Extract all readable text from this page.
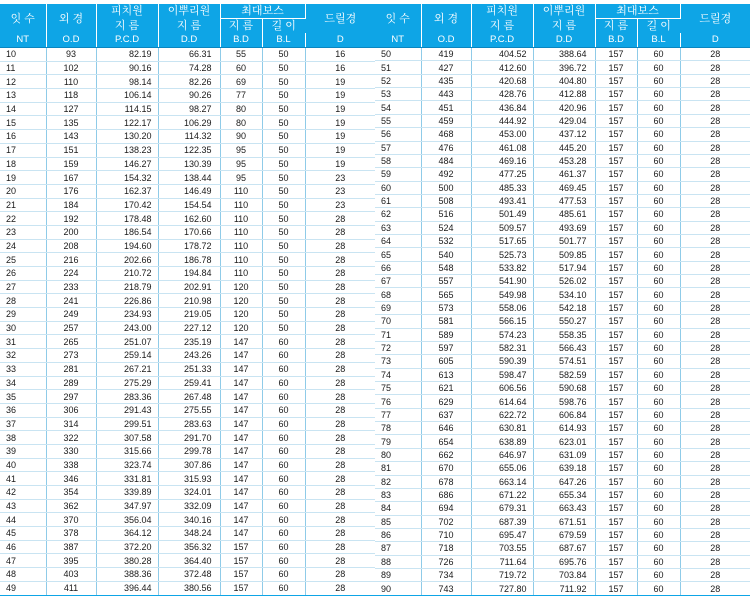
잇 수	외 경	피치원	이뿌리원	최대보스		드릴경
		지 름	지 름	지 름	길 이	
NT	O.D	P.C.D	D.D	B.D	B.L	D
10	93	82.19	66.31	55	50	16
11	102	90.16	74.28	60	50	16
12	110	98.14	82.26	69	50	19
13	118	106.14	90.26	77	50	19
14	127	114.15	98.27	80	50	19
15	135	122.17	106.29	80	50	19
16	143	130.20	114.32	90	50	19
17	151	138.23	122.35	95	50	19
18	159	146.27	130.39	95	50	19
19	167	154.32	138.44	95	50	23
20	176	162.37	146.49	110	50	23
21	184	170.42	154.54	110	50	23
22	192	178.48	162.60	110	50	28
23	200	186.54	170.66	110	50	28
24	208	194.60	178.72	110	50	28
25	216	202.66	186.78	110	50	28
26	224	210.72	194.84	110	50	28
27	233	218.79	202.91	120	50	28
28	241	226.86	210.98	120	50	28
29	249	234.93	219.05	120	50	28
30	257	243.00	227.12	120	50	28
31	265	251.07	235.19	147	60	28
32	273	259.14	243.26	147	60	28
33	281	267.21	251.33	147	60	28
34	289	275.29	259.41	147	60	28
35	297	283.36	267.48	147	60	28
36	306	291.43	275.55	147	60	28
37	314	299.51	283.63	147	60	28
38	322	307.58	291.70	147	60	28
39	330	315.66	299.78	147	60	28
40	338	323.74	307.86	147	60	28
41	346	331.81	315.93	147	60	28
42	354	339.89	324.01	147	60	28
43	362	347.97	332.09	147	60	28
44	370	356.04	340.16	147	60	28
45	378	364.12	348.24	147	60	28
46	387	372.20	356.32	157	60	28
47	395	380.28	364.40	157	60	28
48	403	388.36	372.48	157	60	28
49	411	396.44	380.56	157	60	28
잇 수	외 경	피치원	이뿌리원	최대보스		드릴경
		지 름	지 름	지 름	길 이	
NT	O.D	P.C.D	D.D	B.D	B.L	D
50	419	404.52	388.64	157	60	28
51	427	412.60	396.72	157	60	28
52	435	420.68	404.80	157	60	28
53	443	428.76	412.88	157	60	28
54	451	436.84	420.96	157	60	28
55	459	444.92	429.04	157	60	28
56	468	453.00	437.12	157	60	28
57	476	461.08	445.20	157	60	28
58	484	469.16	453.28	157	60	28
59	492	477.25	461.37	157	60	28
60	500	485.33	469.45	157	60	28
61	508	493.41	477.53	157	60	28
62	516	501.49	485.61	157	60	28
63	524	509.57	493.69	157	60	28
64	532	517.65	501.77	157	60	28
65	540	525.73	509.85	157	60	28
66	548	533.82	517.94	157	60	28
67	557	541.90	526.02	157	60	28
68	565	549.98	534.10	157	60	28
69	573	558.06	542.18	157	60	28
70	581	566.15	550.27	157	60	28
71	589	574.23	558.35	157	60	28
72	597	582.31	566.43	157	60	28
73	605	590.39	574.51	157	60	28
74	613	598.47	582.59	157	60	28
75	621	606.56	590.68	157	60	28
76	629	614.64	598.76	157	60	28
77	637	622.72	606.84	157	60	28
78	646	630.81	614.93	157	60	28
79	654	638.89	623.01	157	60	28
80	662	646.97	631.09	157	60	28
81	670	655.06	639.18	157	60	28
82	678	663.14	647.26	157	60	28
83	686	671.22	655.34	157	60	28
84	694	679.31	663.43	157	60	28
85	702	687.39	671.51	157	60	28
86	710	695.47	679.59	157	60	28
87	718	703.55	687.67	157	60	28
88	726	711.64	695.76	157	60	28
89	734	719.72	703.84	157	60	28
90	743	727.80	711.92	157	60	28
